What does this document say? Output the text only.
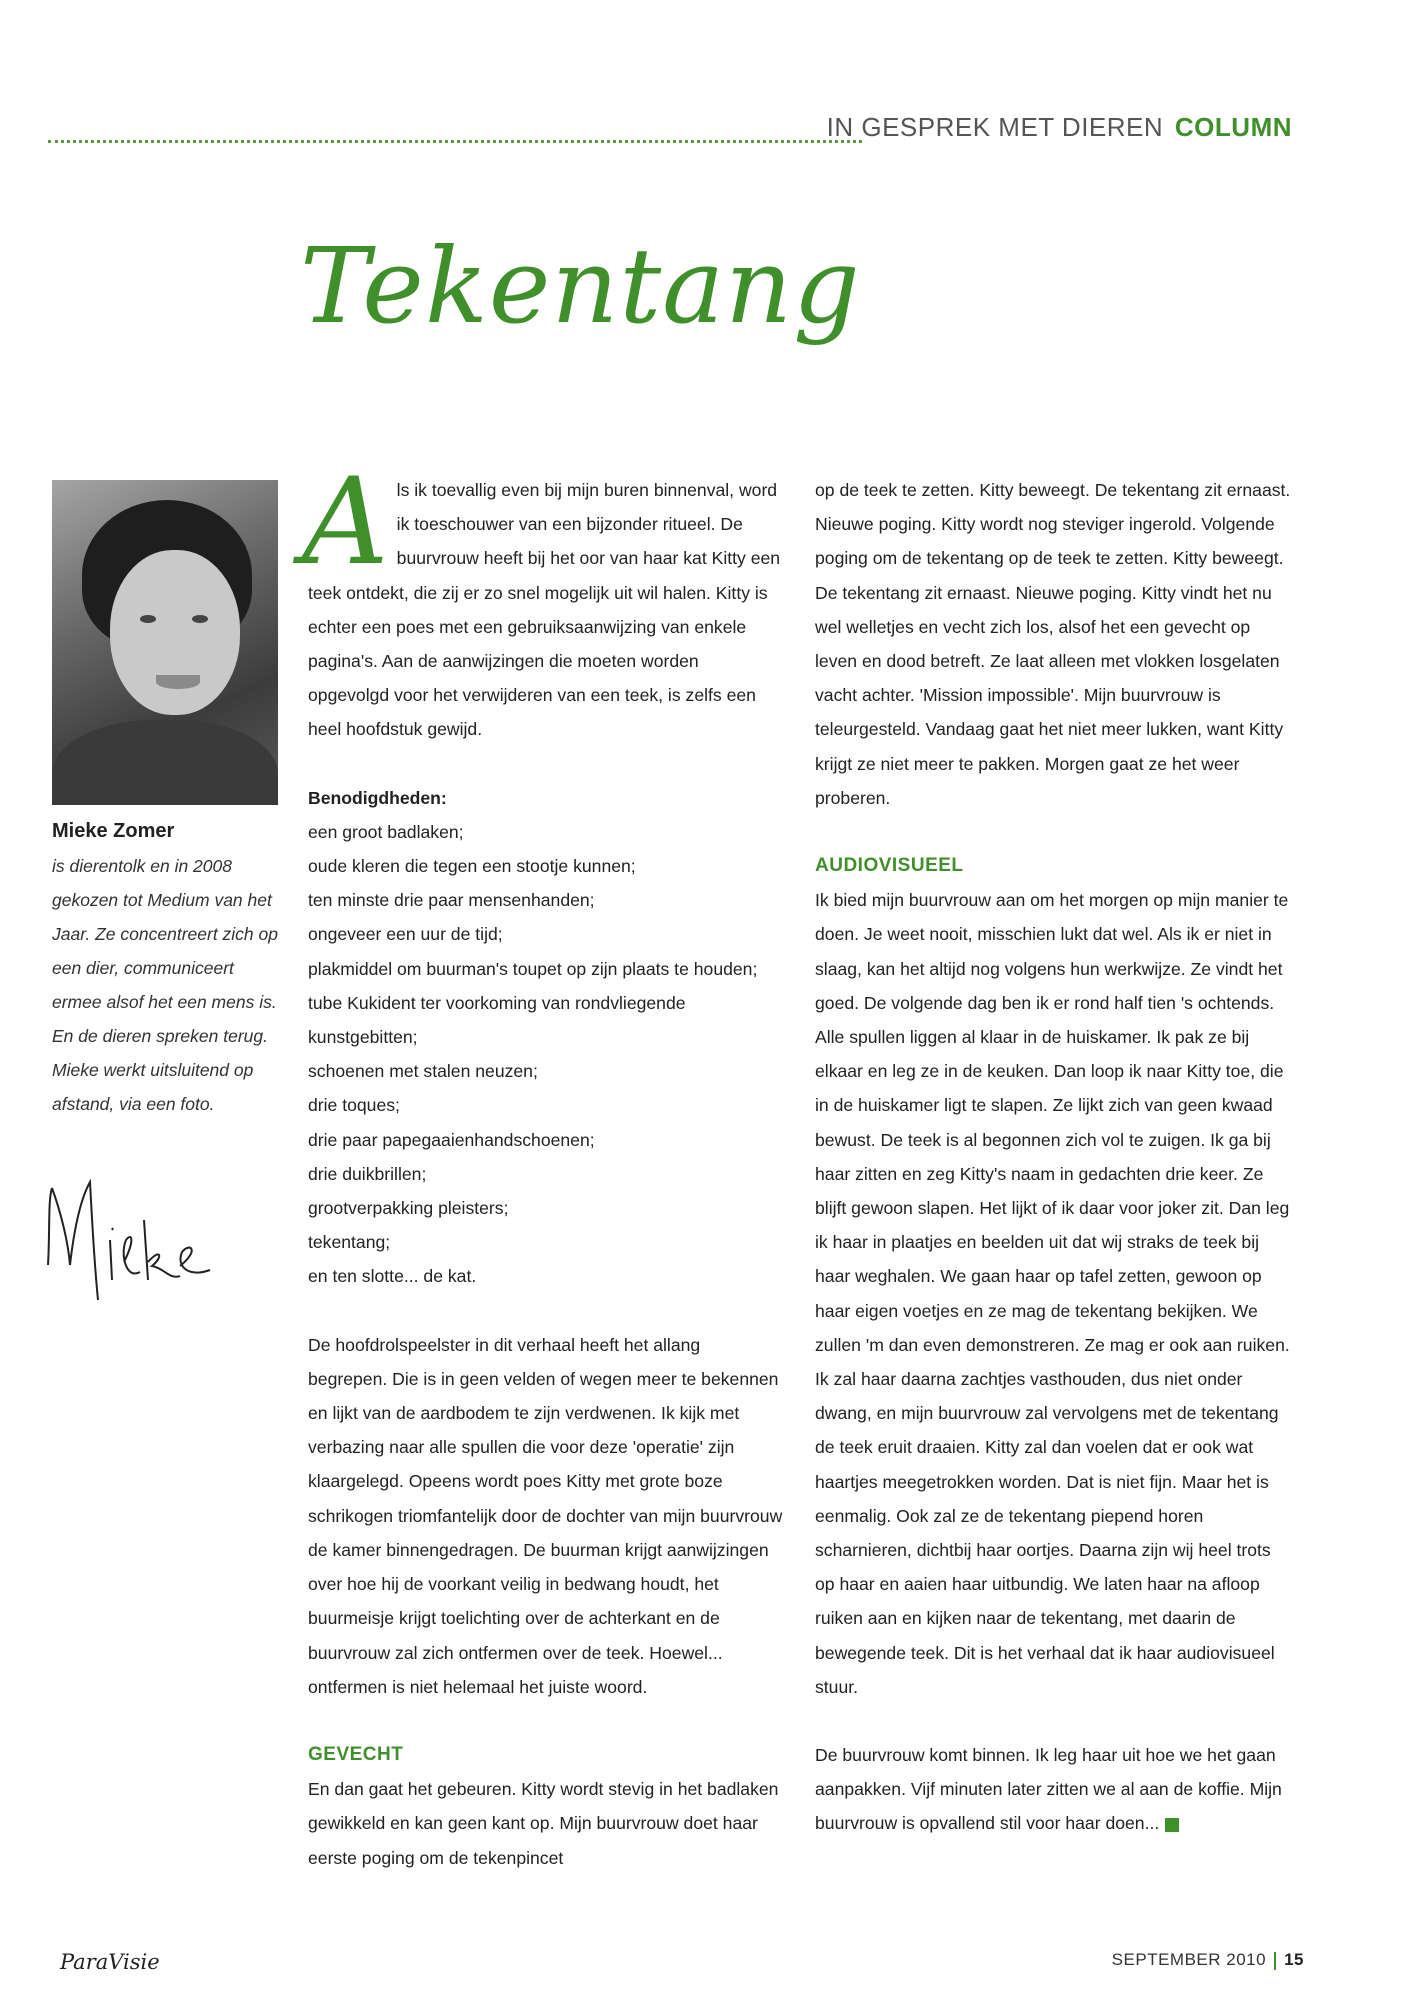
IN GESPREK MET DIEREN COLUMN
Tekentang
Mieke Zomer
is dierentolk en in 2008 gekozen tot Medium van het Jaar. Ze concentreert zich op een dier, communiceert ermee alsof het een mens is. En de dieren spreken terug. Mieke werkt uitsluitend op afstand, via een foto.

Als ik toevallig even bij mijn buren binnenval, word ik toeschouwer van een bijzonder ritueel. De buurvrouw heeft bij het oor van haar kat Kitty een teek ontdekt, die zij er zo snel mogelijk uit wil halen. Kitty is echter een poes met een gebruiksaanwijzing van enkele pagina's. Aan de aanwijzingen die moeten worden opgevolgd voor het verwijderen van een teek, is zelfs een heel hoofdstuk gewijd.

Benodigdheden:

een groot badlaken;

oude kleren die tegen een stootje kunnen;

ten minste drie paar mensenhanden;

ongeveer een uur de tijd;

plakmiddel om buurman's toupet op zijn plaats te houden;

tube Kukident ter voorkoming van rondvliegende kunstgebitten;

schoenen met stalen neuzen;

drie toques;

drie paar papegaaienhandschoenen;

drie duikbrillen;

grootverpakking pleisters;

tekentang;

en ten slotte... de kat.

De hoofdrolspeelster in dit verhaal heeft het allang begrepen. Die is in geen velden of wegen meer te bekennen en lijkt van de aardbodem te zijn verdwenen. Ik kijk met verbazing naar alle spullen die voor deze 'operatie' zijn klaargelegd. Opeens wordt poes Kitty met grote boze schrikogen triomfantelijk door de dochter van mijn buurvrouw de kamer binnengedragen. De buurman krijgt aanwijzingen over hoe hij de voorkant veilig in bedwang houdt, het buurmeisje krijgt toelichting over de achterkant en de buurvrouw zal zich ontfermen over de teek. Hoewel... ontfermen is niet helemaal het juiste woord.

GEVECHT

En dan gaat het gebeuren. Kitty wordt stevig in het badlaken gewikkeld en kan geen kant op. Mijn buurvrouw doet haar eerste poging om de tekenpincet

op de teek te zetten. Kitty beweegt. De tekentang zit ernaast. Nieuwe poging. Kitty wordt nog steviger ingerold. Volgende poging om de tekentang op de teek te zetten. Kitty beweegt. De tekentang zit ernaast. Nieuwe poging. Kitty vindt het nu wel welletjes en vecht zich los, alsof het een gevecht op leven en dood betreft. Ze laat alleen met vlokken losgelaten vacht achter. 'Mission impossible'. Mijn buurvrouw is teleurgesteld. Vandaag gaat het niet meer lukken, want Kitty krijgt ze niet meer te pakken. Morgen gaat ze het weer proberen.

AUDIOVISUEEL

Ik bied mijn buurvrouw aan om het morgen op mijn manier te doen. Je weet nooit, misschien lukt dat wel. Als ik er niet in slaag, kan het altijd nog volgens hun werkwijze. Ze vindt het goed. De volgende dag ben ik er rond half tien 's ochtends. Alle spullen liggen al klaar in de huiskamer. Ik pak ze bij elkaar en leg ze in de keuken. Dan loop ik naar Kitty toe, die in de huiskamer ligt te slapen. Ze lijkt zich van geen kwaad bewust. De teek is al begonnen zich vol te zuigen. Ik ga bij haar zitten en zeg Kitty's naam in gedachten drie keer. Ze blijft gewoon slapen. Het lijkt of ik daar voor joker zit. Dan leg ik haar in plaatjes en beelden uit dat wij straks de teek bij haar weghalen. We gaan haar op tafel zetten, gewoon op haar eigen voetjes en ze mag de tekentang bekijken. We zullen 'm dan even demonstreren. Ze mag er ook aan ruiken. Ik zal haar daarna zachtjes vasthouden, dus niet onder dwang, en mijn buurvrouw zal vervolgens met de tekentang de teek eruit draaien. Kitty zal dan voelen dat er ook wat haartjes meegetrokken worden. Dat is niet fijn. Maar het is eenmalig. Ook zal ze de tekentang piepend horen scharnieren, dichtbij haar oortjes. Daarna zijn wij heel trots op haar en aaien haar uitbundig. We laten haar na afloop ruiken aan en kijken naar de tekentang, met daarin de bewegende teek. Dit is het verhaal dat ik haar audiovisueel stuur.

De buurvrouw komt binnen. Ik leg haar uit hoe we het gaan aanpakken. Vijf minuten later zitten we al aan de koffie. Mijn buurvrouw is opvallend stil voor haar doen...

ParaVisie	SEPTEMBER 2010 15
